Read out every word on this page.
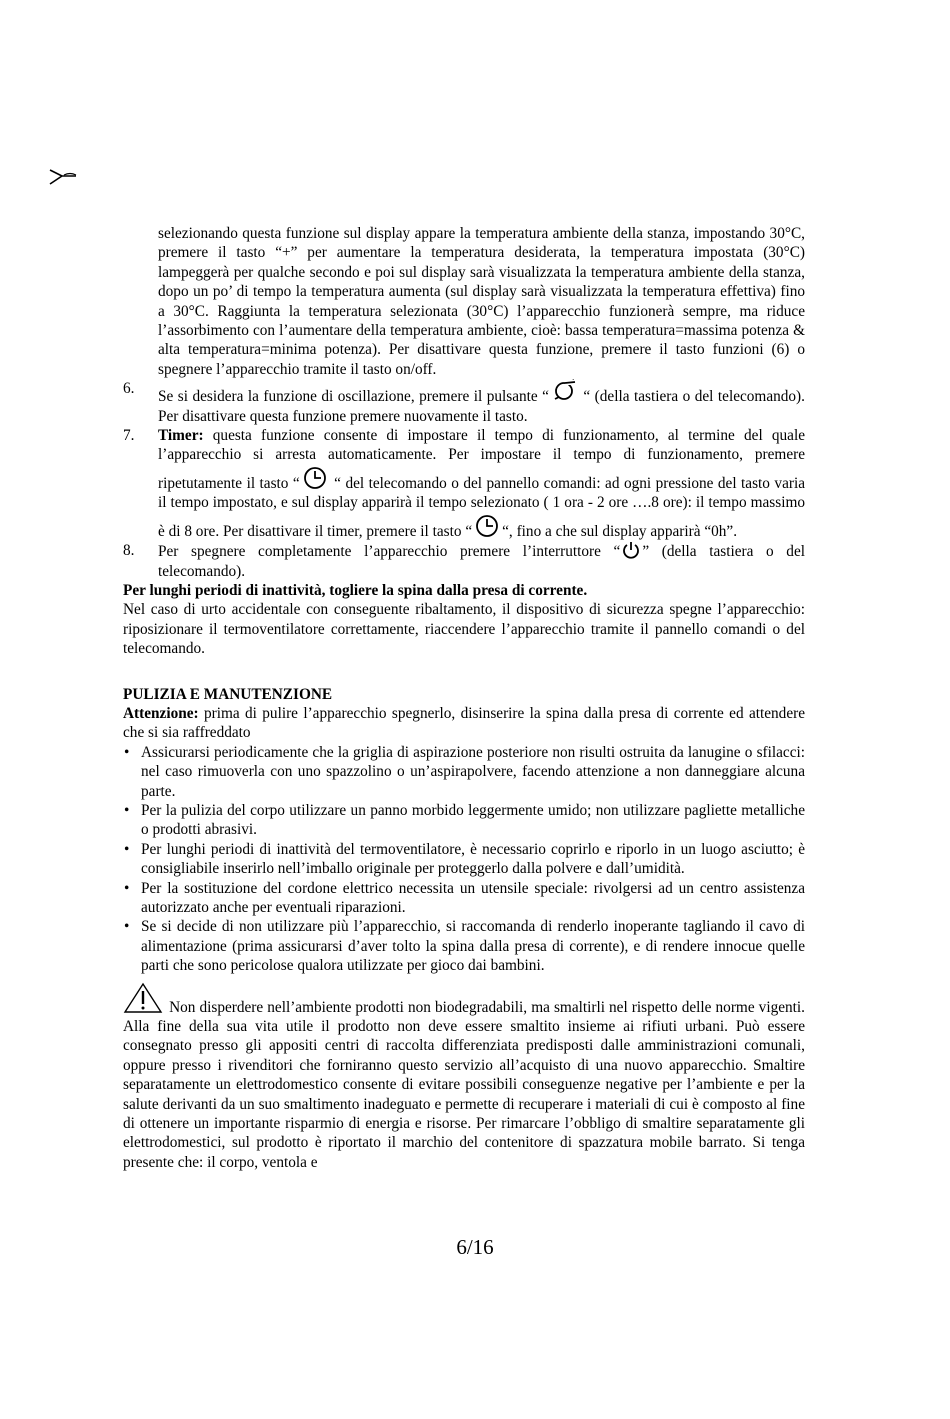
selezionando questa funzione sul display appare la temperatura ambiente della stanza, impostando 30°C, premere il tasto “+” per aumentare la temperatura desiderata, la temperatura impostata (30°C) lampeggerà per qualche secondo e poi sul display sarà visualizzata la temperatura ambiente della stanza, dopo un po’ di tempo la temperatura aumenta (sul display sarà visualizzata la temperatura effettiva) fino a 30°C. Raggiunta la temperatura selezionata (30°C) l’apparecchio funzionerà sempre, ma riduce l’assorbimento con l’aumentare della temperatura ambiente, cioè: bassa temperatura=massima potenza & alta temperatura=minima potenza). Per disattivare questa funzione, premere il tasto funzioni (6) o spegnere l’apparecchio tramite il tasto on/off.

6. Se si desidera la funzione di oscillazione, premere il pulsante “ “ (della tastiera o del telecomando). Per disattivare questa funzione premere nuovamente il tasto.
7. Timer: questa funzione consente di impostare il tempo di funzionamento, al termine del quale l’apparecchio si arresta automaticamente. Per impostare il tempo di funzionamento, premere ripetutamente il tasto “ “ del telecomando o del pannello comandi: ad ogni pressione del tasto varia il tempo impostato, e sul display apparirà il tempo selezionato ( 1 ora - 2 ore ….8 ore): il tempo massimo è di 8 ore. Per disattivare il timer, premere il tasto “ “, fino a che sul display apparirà “0h”.
8. Per spegnere completamente l’apparecchio premere l’interruttore “ ” (della tastiera o del telecomando).

Per lunghi periodi di inattività, togliere la spina dalla presa di corrente.

Nel caso di urto accidentale con conseguente ribaltamento, il dispositivo di sicurezza spegne l’apparecchio: riposizionare il termoventilatore correttamente, riaccendere l’apparecchio tramite il pannello comandi o del telecomando.

PULIZIA E MANUTENZIONE

Attenzione: prima di pulire l’apparecchio spegnerlo, disinserire la spina dalla presa di corrente ed attendere che si sia raffreddato

• Assicurarsi periodicamente che la griglia di aspirazione posteriore non risulti ostruita da lanugine o sfilacci: nel caso rimuoverla con uno spazzolino o un’aspirapolvere, facendo attenzione a non danneggiare alcuna parte.
• Per la pulizia del corpo utilizzare un panno morbido leggermente umido; non utilizzare pagliette metalliche o prodotti abrasivi.
• Per lunghi periodi di inattività del termoventilatore, è necessario coprirlo e riporlo in un luogo asciutto; è consigliabile inserirlo nell’imballo originale per proteggerlo dalla polvere e dall’umidità.
• Per la sostituzione del cordone elettrico necessita un utensile speciale: rivolgersi ad un centro assistenza autorizzato anche per eventuali riparazioni.
• Se si decide di non utilizzare più l’apparecchio, si raccomanda di renderlo inoperante tagliando il cavo di alimentazione (prima assicurarsi d’aver tolto la spina dalla presa di corrente), e di rendere innocue quelle parti che sono pericolose qualora utilizzate per gioco dai bambini.

Non disperdere nell’ambiente prodotti non biodegradabili, ma smaltirli nel rispetto delle norme vigenti. Alla fine della sua vita utile il prodotto non deve essere smaltito insieme ai rifiuti urbani. Può essere consegnato presso gli appositi centri di raccolta differenziata predisposti dalle amministrazioni comunali, oppure presso i rivenditori che forniranno questo servizio all’acquisto di una nuovo apparecchio. Smaltire separatamente un elettrodomestico consente di evitare possibili conseguenze negative per l’ambiente e per la salute derivanti da un suo smaltimento inadeguato e permette di recuperare i materiali di cui è composto al fine di ottenere un importante risparmio di energia e risorse. Per rimarcare l’obbligo di smaltire separatamente gli elettrodomestici, sul prodotto è riportato il marchio del contenitore di spazzatura mobile barrato. Si tenga presente che: il corpo, ventola e

6/16
